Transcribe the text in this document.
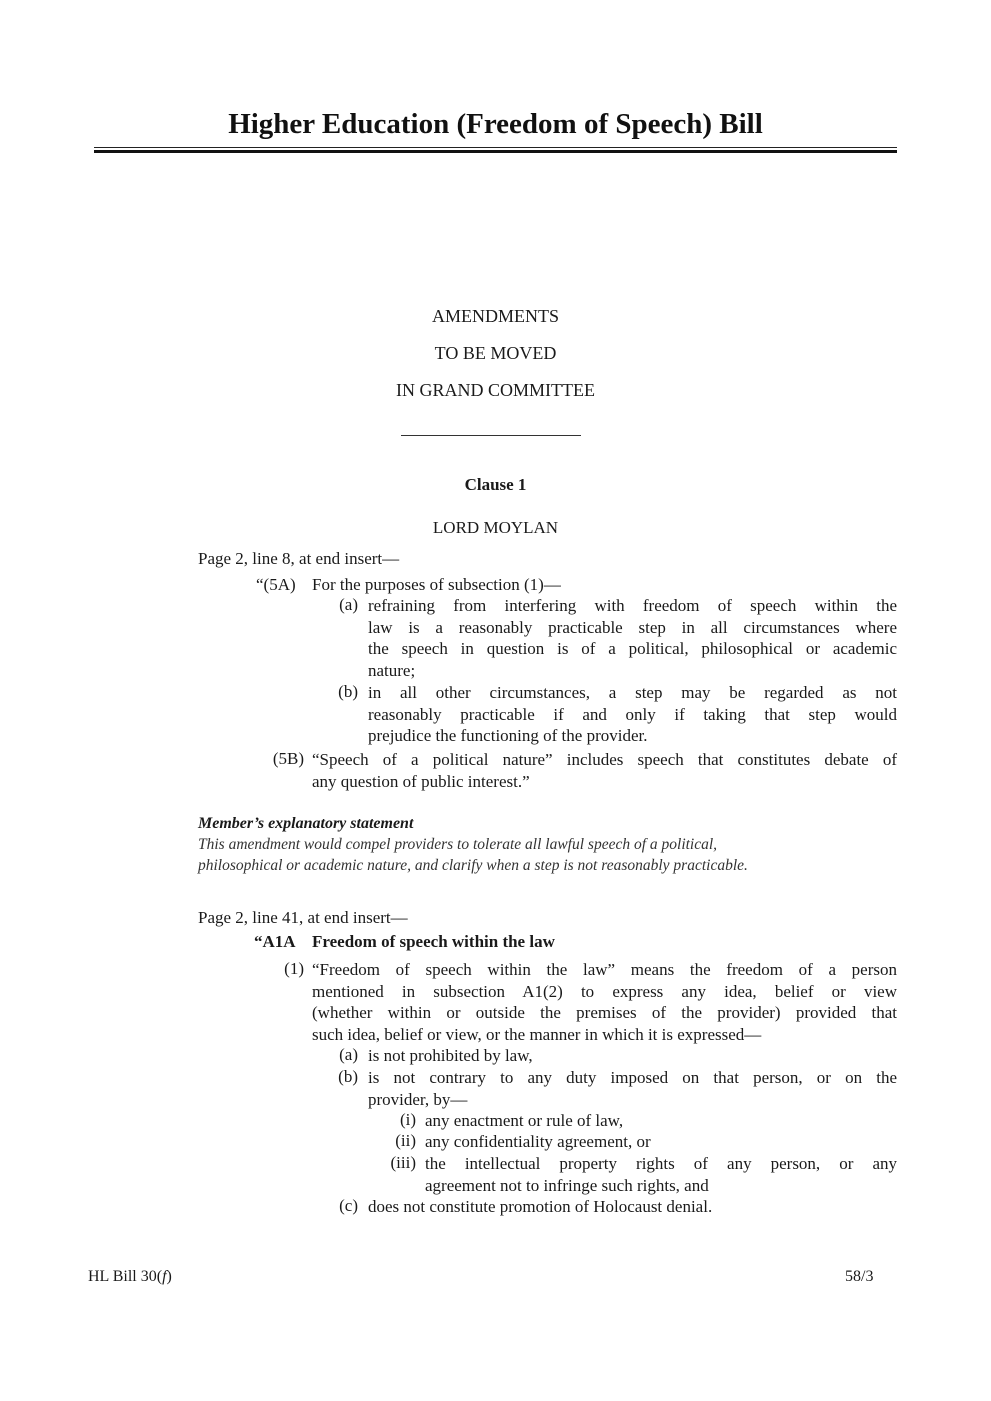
Higher Education (Freedom of Speech) Bill
AMENDMENTS
TO BE MOVED
IN GRAND COMMITTEE
Clause 1
LORD MOYLAN
Page 2, line 8, at end insert—
“(5A) For the purposes of subsection (1)—
(a) refraining from interfering with freedom of speech within the
law is a reasonably practicable step in all circumstances where
the speech in question is of a political, philosophical or academic
nature;
(b) in all other circumstances, a step may be regarded as not
reasonably practicable if and only if taking that step would
prejudice the functioning of the provider.
(5B) “Speech of a political nature” includes speech that constitutes debate of
any question of public interest.”
Member’s explanatory statement
This amendment would compel providers to tolerate all lawful speech of a political,
philosophical or academic nature, and clarify when a step is not reasonably practicable.
Page 2, line 41, at end insert—
“A1A Freedom of speech within the law
(1) “Freedom of speech within the law” means the freedom of a person
mentioned in subsection A1(2) to express any idea, belief or view
(whether within or outside the premises of the provider) provided that
such idea, belief or view, or the manner in which it is expressed—
(a) is not prohibited by law,
(b) is not contrary to any duty imposed on that person, or on the
provider, by—
(i) any enactment or rule of law,
(ii) any confidentiality agreement, or
(iii) the intellectual property rights of any person, or any
agreement not to infringe such rights, and
(c) does not constitute promotion of Holocaust denial.
HL Bill 30(f)	58/3
